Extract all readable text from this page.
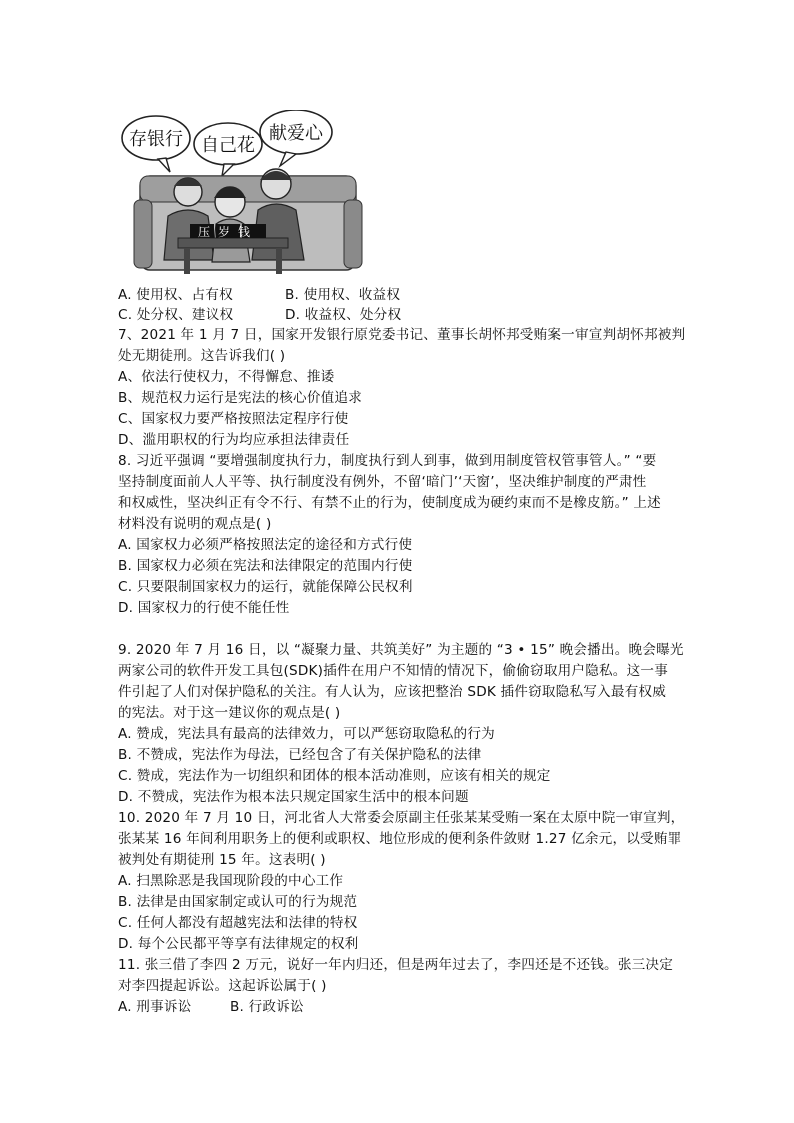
存银行 自己花
献爱心
压岁钱
A. 使用权、占有权	B. 使用权、收益权
C. 处分权、建议权	D. 收益权、处分权
7、2021 年 1 月 7 日，国家开发银行原党委书记、董事长胡怀邦受贿案一审宣判胡怀邦被判
处无期徒刑。这告诉我们( )
A、依法行使权力，不得懈怠、推诿
B、规范权力运行是宪法的核心价值追求
C、国家权力要严格按照法定程序行使
D、滥用职权的行为均应承担法律责任
8. 习近平强调 “要增强制度执行力，制度执行到人到事，做到用制度管权管事管人。” “要
坚持制度面前人人平等、执行制度没有例外，不留‘暗门’‘天窗’，坚决维护制度的严肃性
和权威性，坚决纠正有令不行、有禁不止的行为，使制度成为硬约束而不是橡皮筋。” 上述
材料没有说明的观点是( )
A. 国家权力必须严格按照法定的途径和方式行使
B. 国家权力必须在宪法和法律限定的范围内行使
C. 只要限制国家权力的运行，就能保障公民权利
D. 国家权力的行使不能任性
9. 2020 年 7 月 16 日，以 “凝聚力量、共筑美好” 为主题的 “3 • 15” 晚会播出。晚会曝光
两家公司的软件开发工具包(SDK)插件在用户不知情的情况下，偷偷窃取用户隐私。这一事
件引起了人们对保护隐私的关注。有人认为，应该把整治 SDK 插件窃取隐私写入最有权威
的宪法。对于这一建议你的观点是( )
A. 赞成，宪法具有最高的法律效力，可以严惩窃取隐私的行为
B. 不赞成，宪法作为母法，已经包含了有关保护隐私的法律
C. 赞成，宪法作为一切组织和团体的根本活动准则，应该有相关的规定
D. 不赞成，宪法作为根本法只规定国家生活中的根本问题
10. 2020 年 7 月 10 日，河北省人大常委会原副主任张某某受贿一案在太原中院一审宣判，
张某某 16 年间利用职务上的便利或职权、地位形成的便利条件敛财 1.27 亿余元，以受贿罪
被判处有期徒刑 15 年。这表明( )
A. 扫黑除恶是我国现阶段的中心工作
B. 法律是由国家制定或认可的行为规范
C. 任何人都没有超越宪法和法律的特权
D. 每个公民都平等享有法律规定的权利
11. 张三借了李四 2 万元，说好一年内归还，但是两年过去了，李四还是不还钱。张三决定
对李四提起诉讼。这起诉讼属于( )
A. 刑事诉讼	B. 行政诉讼
